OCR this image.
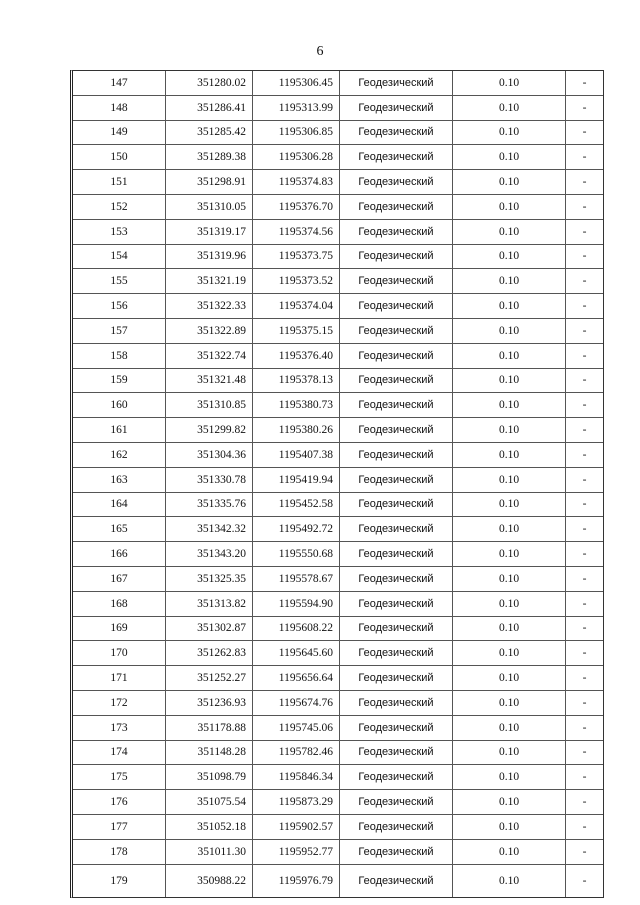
6
147	351280.02	1195306.45	Геодезический	0.10	-
148	351286.41	1195313.99	Геодезический	0.10	-
149	351285.42	1195306.85	Геодезический	0.10	-
150	351289.38	1195306.28	Геодезический	0.10	-
151	351298.91	1195374.83	Геодезический	0.10	-
152	351310.05	1195376.70	Геодезический	0.10	-
153	351319.17	1195374.56	Геодезический	0.10	-
154	351319.96	1195373.75	Геодезический	0.10	-
155	351321.19	1195373.52	Геодезический	0.10	-
156	351322.33	1195374.04	Геодезический	0.10	-
157	351322.89	1195375.15	Геодезический	0.10	-
158	351322.74	1195376.40	Геодезический	0.10	-
159	351321.48	1195378.13	Геодезический	0.10	-
160	351310.85	1195380.73	Геодезический	0.10	-
161	351299.82	1195380.26	Геодезический	0.10	-
162	351304.36	1195407.38	Геодезический	0.10	-
163	351330.78	1195419.94	Геодезический	0.10	-
164	351335.76	1195452.58	Геодезический	0.10	-
165	351342.32	1195492.72	Геодезический	0.10	-
166	351343.20	1195550.68	Геодезический	0.10	-
167	351325.35	1195578.67	Геодезический	0.10	-
168	351313.82	1195594.90	Геодезический	0.10	-
169	351302.87	1195608.22	Геодезический	0.10	-
170	351262.83	1195645.60	Геодезический	0.10	-
171	351252.27	1195656.64	Геодезический	0.10	-
172	351236.93	1195674.76	Геодезический	0.10	-
173	351178.88	1195745.06	Геодезический	0.10	-
174	351148.28	1195782.46	Геодезический	0.10	-
175	351098.79	1195846.34	Геодезический	0.10	-
176	351075.54	1195873.29	Геодезический	0.10	-
177	351052.18	1195902.57	Геодезический	0.10	-
178	351011.30	1195952.77	Геодезический	0.10	-
179	350988.22	1195976.79	Геодезический	0.10	-
